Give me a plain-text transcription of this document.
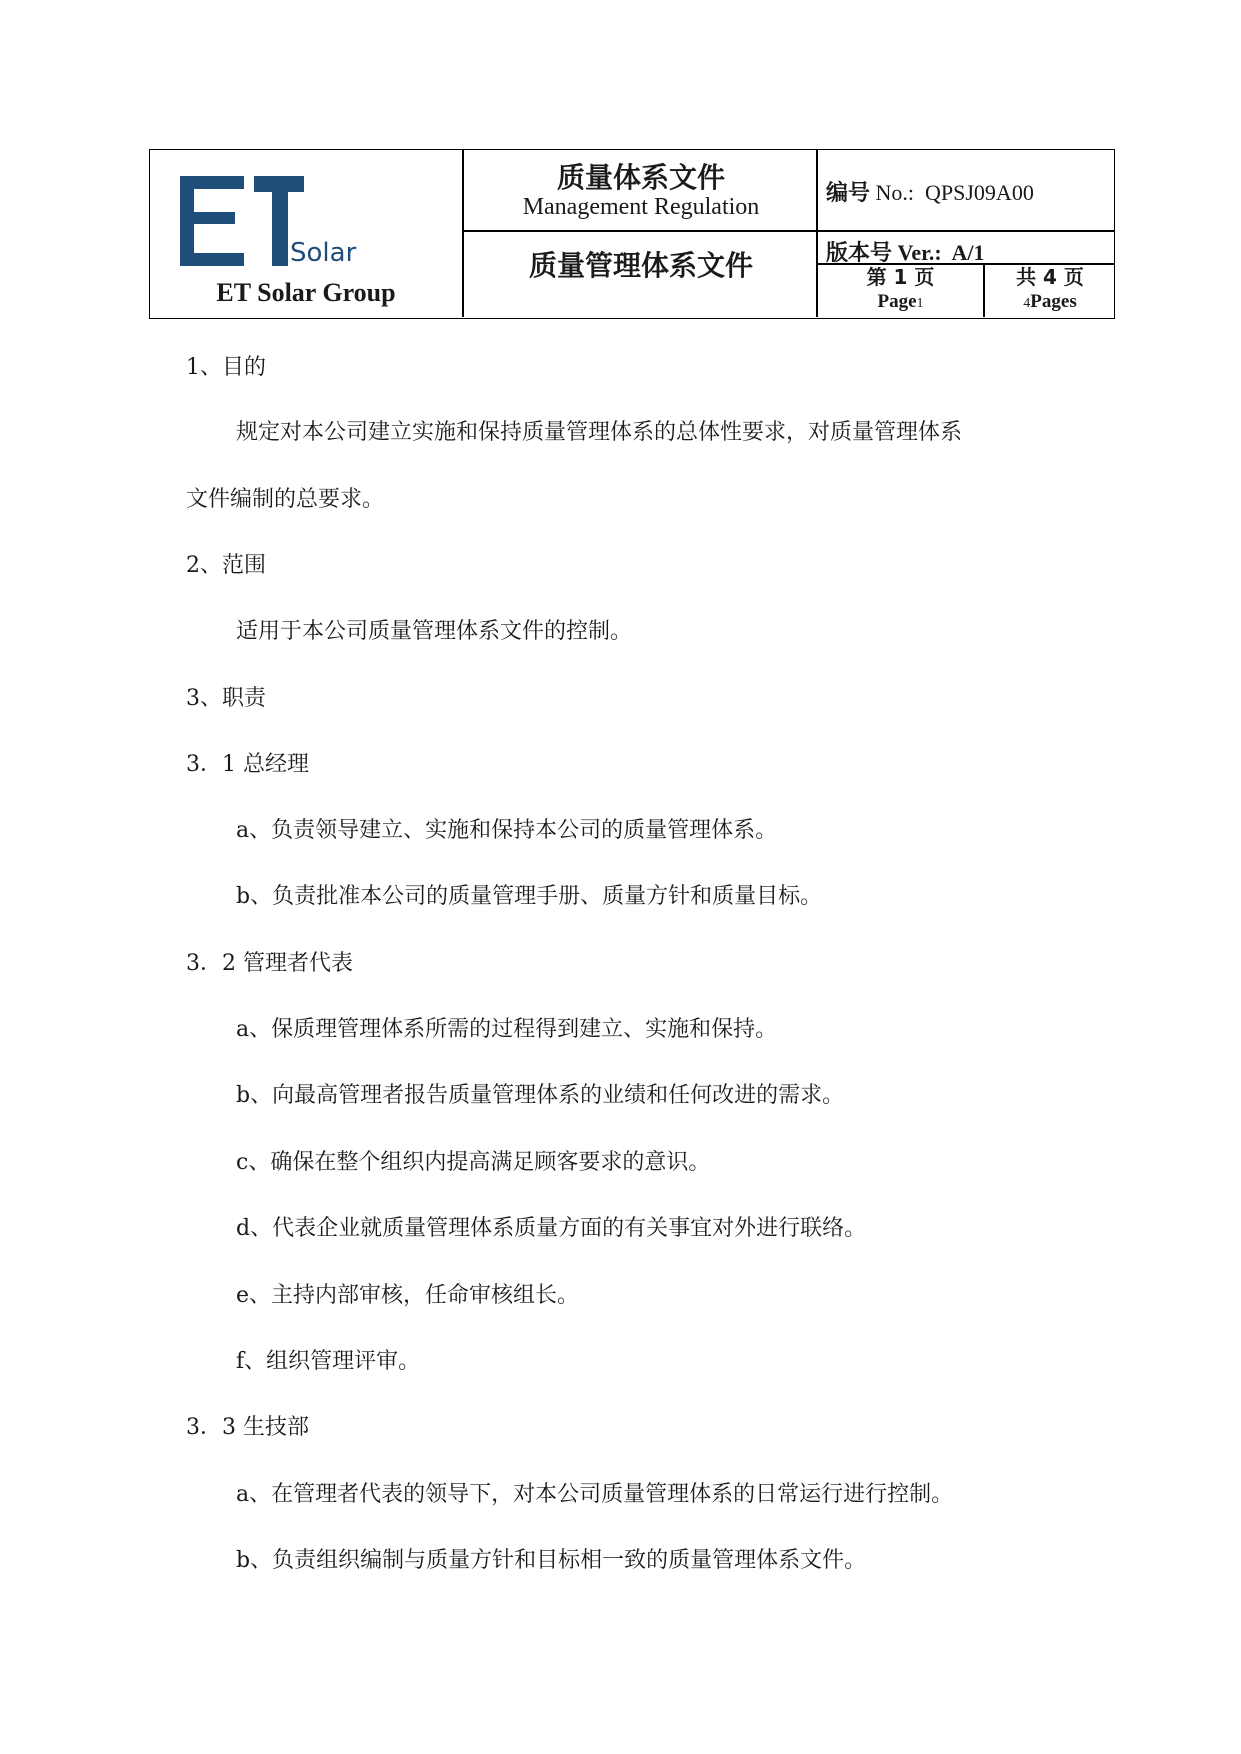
Solar
ET Solar Group
质量体系文件
Management Regulation
质量管理体系文件
编号 No.: QPSJ09A00
版本号 Ver.: A/1
第 1 页
Page1
共 4 页
4Pages
1、目的
规定对本公司建立实施和保持质量管理体系的总体性要求，对质量管理体系
文件编制的总要求。
2、范围
适用于本公司质量管理体系文件的控制。
3、职责
3．1 总经理
a、负责领导建立、实施和保持本公司的质量管理体系。
b、负责批准本公司的质量管理手册、质量方针和质量目标。
3．2 管理者代表
a、保质理管理体系所需的过程得到建立、实施和保持。
b、向最高管理者报告质量管理体系的业绩和任何改进的需求。
c、确保在整个组织内提高满足顾客要求的意识。
d、代表企业就质量管理体系质量方面的有关事宜对外进行联络。
e、主持内部审核，任命审核组长。
f、组织管理评审。
3．3 生技部
a、在管理者代表的领导下，对本公司质量管理体系的日常运行进行控制。
b、负责组织编制与质量方针和目标相一致的质量管理体系文件。
